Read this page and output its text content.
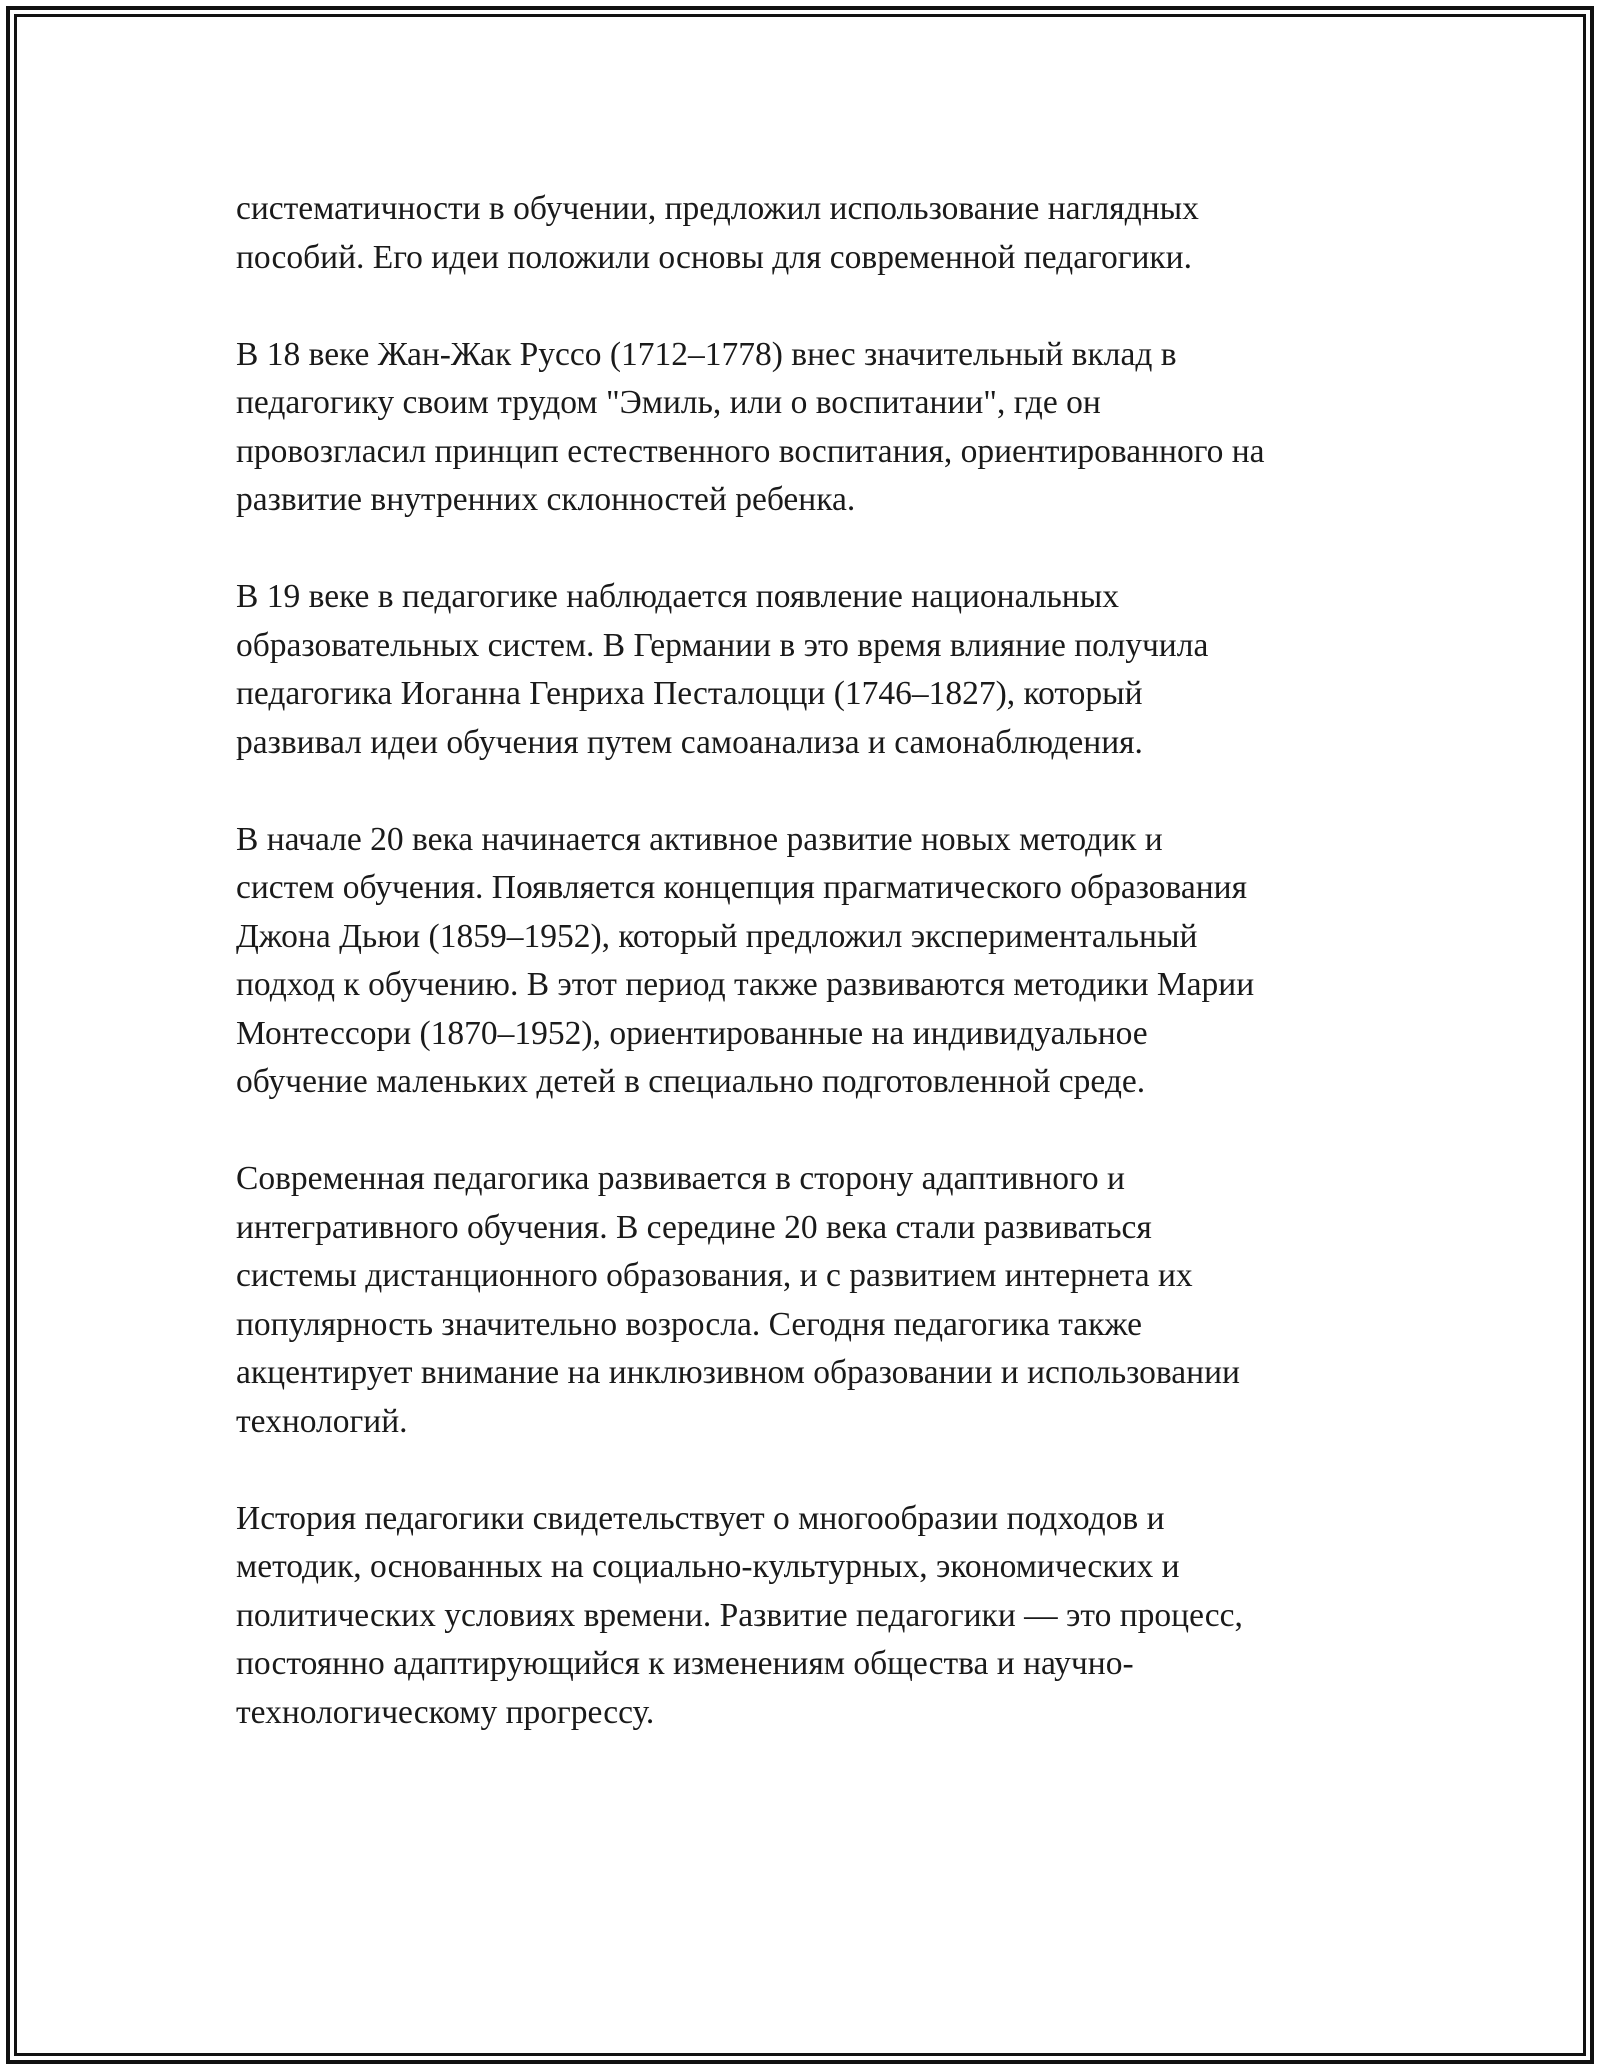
систематичности в обучении, предложил использование наглядных
пособий. Его идеи положили основы для современной педагогики.

В 18 веке Жан-Жак Руссо (1712–1778) внес значительный вклад в
педагогику своим трудом "Эмиль, или о воспитании", где он
провозгласил принцип естественного воспитания, ориентированного на
развитие внутренних склонностей ребенка.

В 19 веке в педагогике наблюдается появление национальных
образовательных систем. В Германии в это время влияние получила
педагогика Иоганна Генриха Песталоцци (1746–1827), который
развивал идеи обучения путем самоанализа и самонаблюдения.

В начале 20 века начинается активное развитие новых методик и
систем обучения. Появляется концепция прагматического образования
Джона Дьюи (1859–1952), который предложил экспериментальный
подход к обучению. В этот период также развиваются методики Марии
Монтессори (1870–1952), ориентированные на индивидуальное
обучение маленьких детей в специально подготовленной среде.

Современная педагогика развивается в сторону адаптивного и
интегративного обучения. В середине 20 века стали развиваться
системы дистанционного образования, и с развитием интернета их
популярность значительно возросла. Сегодня педагогика также
акцентирует внимание на инклюзивном образовании и использовании
технологий.

История педагогики свидетельствует о многообразии подходов и
методик, основанных на социально-культурных, экономических и
политических условиях времени. Развитие педагогики — это процесс,
постоянно адаптирующийся к изменениям общества и научно-
технологическому прогрессу.
